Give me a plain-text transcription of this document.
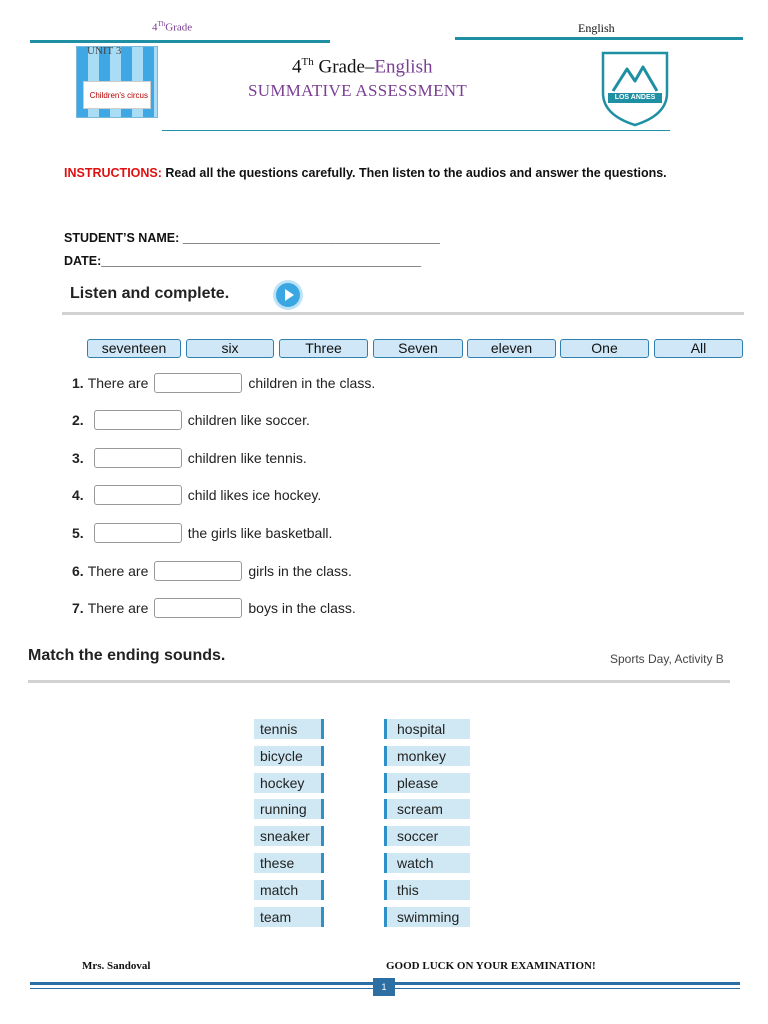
4ThGrade	English
UNIT 3
Children's circus
4Th Grade–English
SUMMATIVE ASSESSMENT	LOS ANDES
INSTRUCTIONS: Read all the questions carefully. Then listen to the audios and answer the questions.
STUDENT’S NAME: _____________________________________
DATE:______________________________________________
Listen and complete.
seventeen	six	Three	Seven	eleven	One	All
1. There are	children in the class.
2.	children like soccer.
3.	children like tennis.
4.	child likes ice hockey.
5.	the girls like basketball.
6. There are	girls in the class.
7. There are	boys in the class.
Match the ending sounds.	Sports Day, Activity B
tennis
bicycle
hockey
running
sneaker
these
match
team
hospital
monkey
please
scream
soccer
watch
this
swimming
Mrs. Sandoval	GOOD LUCK ON YOUR EXAMINATION!
1
